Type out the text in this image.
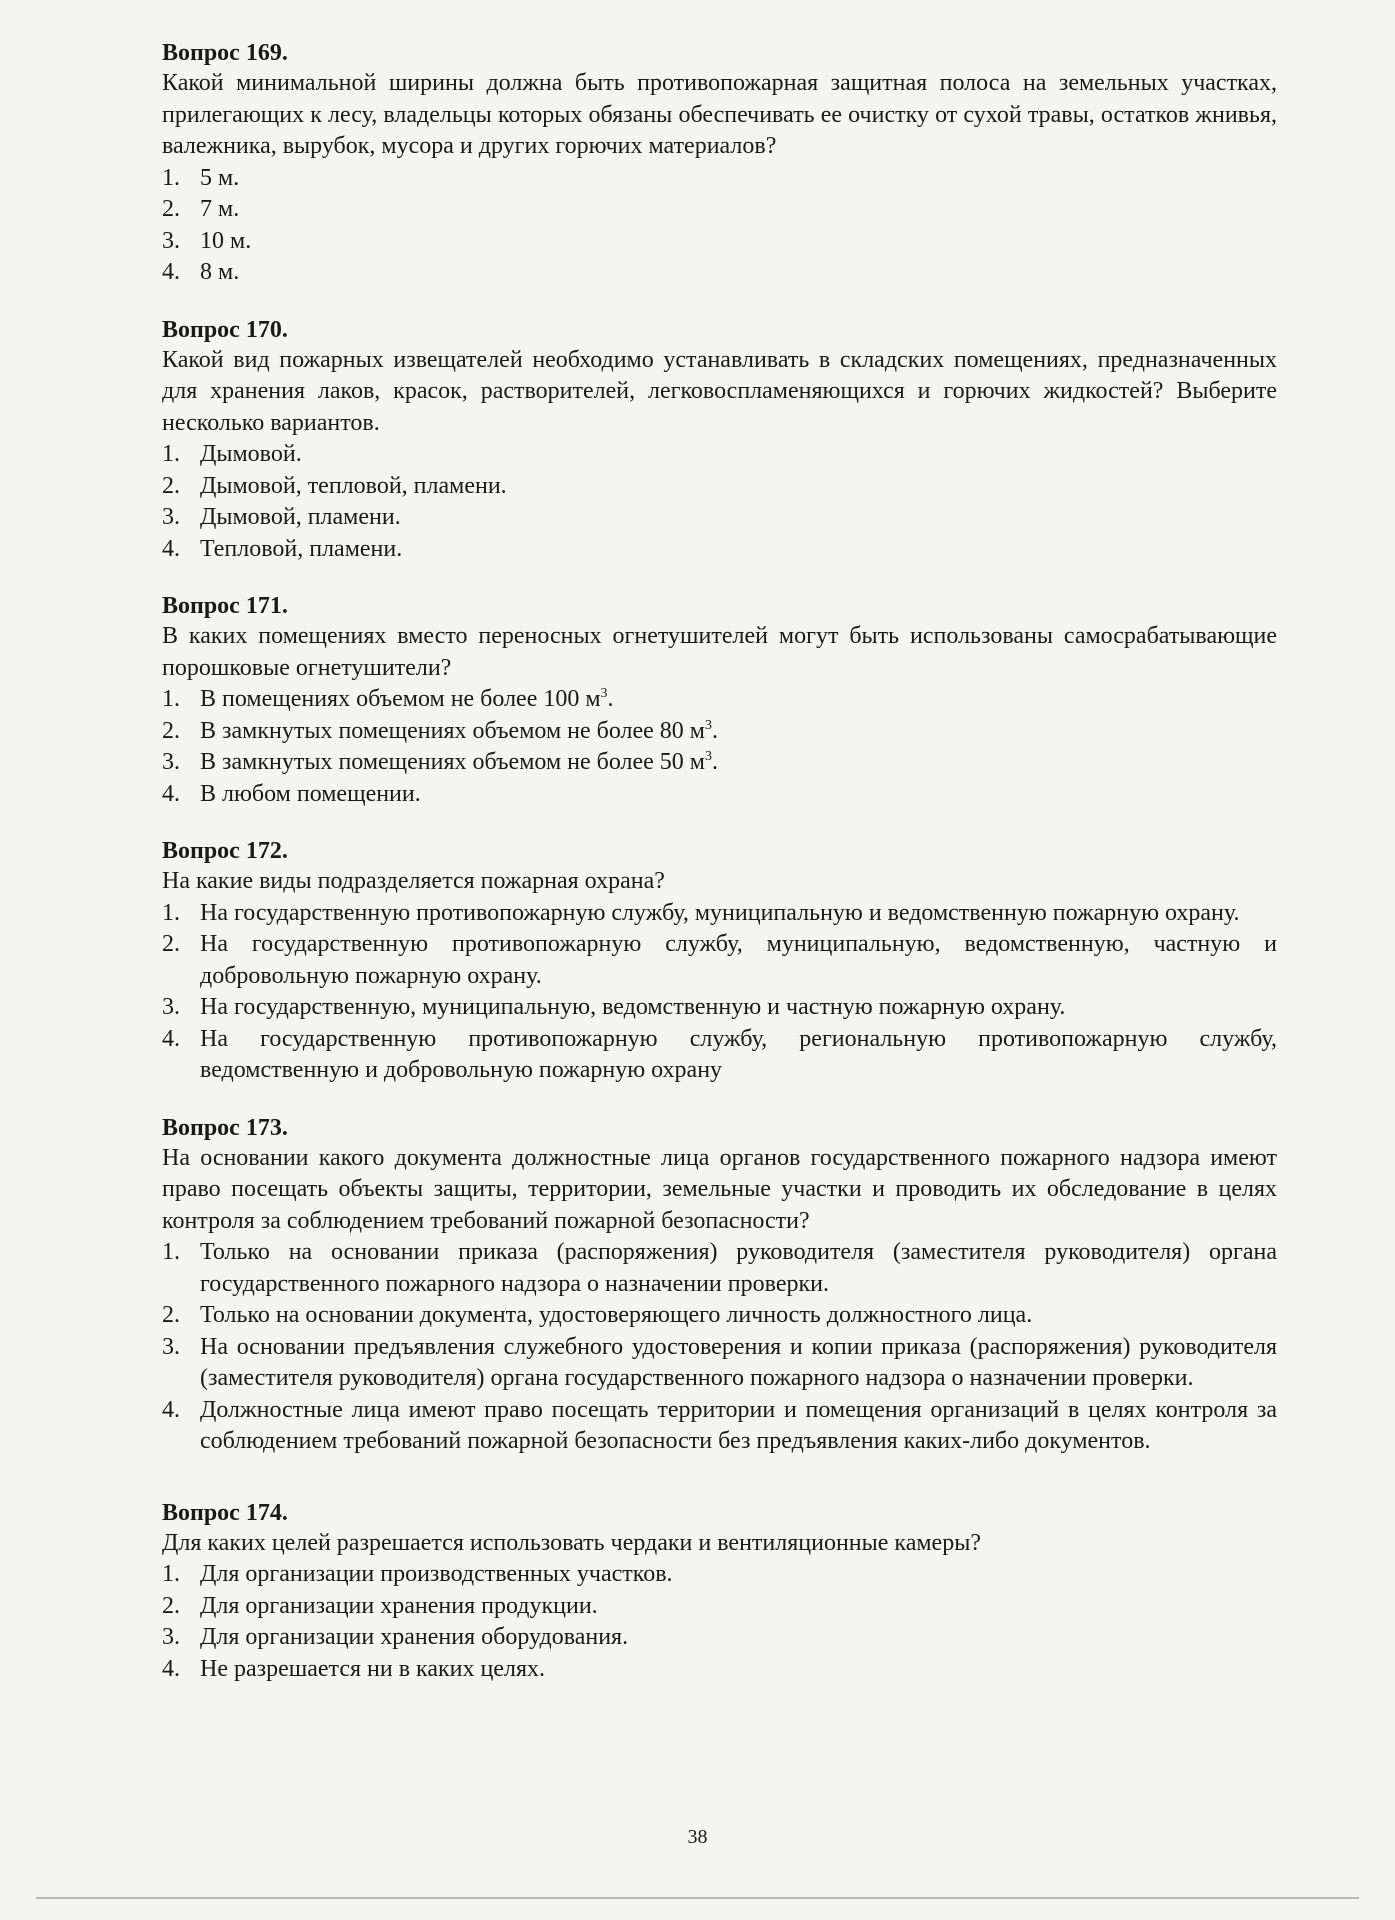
Вопрос 169.

Какой минимальной ширины должна быть противопожарная защитная полоса на земельных участках, прилегающих к лесу, владельцы которых обязаны обеспечивать ее очистку от сухой травы, остатков жнивья, валежника, вырубок, мусора и других горючих материалов?

1. 5 м.
2. 7 м.
3. 10 м.
4. 8 м.

Вопрос 170.

Какой вид пожарных извещателей необходимо устанавливать в складских помещениях, предназначенных для хранения лаков, красок, растворителей, легковоспламеняющихся и горючих жидкостей? Выберите несколько вариантов.

1. Дымовой.
2. Дымовой, тепловой, пламени.
3. Дымовой, пламени.
4. Тепловой, пламени.

Вопрос 171.

В каких помещениях вместо переносных огнетушителей могут быть использованы самосрабатывающие порошковые огнетушители?

1. В помещениях объемом не более 100 $м^3$.
2. В замкнутых помещениях объемом не более 80 $м^3$.
3. В замкнутых помещениях объемом не более 50 $м^3$.
4. В любом помещении.

Вопрос 172.

На какие виды подразделяется пожарная охрана?

1. На государственную противопожарную службу, муниципальную и ведомственную пожарную охрану.
2. На государственную противопожарную службу, муниципальную, ведомственную, частную и добровольную пожарную охрану.
3. На государственную, муниципальную, ведомственную и частную пожарную охрану.
4. На государственную противопожарную службу, региональную противопожарную службу, ведомственную и добровольную пожарную охрану

Вопрос 173.

На основании какого документа должностные лица органов государственного пожарного надзора имеют право посещать объекты защиты, территории, земельные участки и проводить их обследование в целях контроля за соблюдением требований пожарной безопасности?

1. Только на основании приказа (распоряжения) руководителя (заместителя руководителя) органа государственного пожарного надзора о назначении проверки.
2. Только на основании документа, удостоверяющего личность должностного лица.
3. На основании предъявления служебного удостоверения и копии приказа (распоряжения) руководителя (заместителя руководителя) органа государственного пожарного надзора о назначении проверки.
4. Должностные лица имеют право посещать территории и помещения организаций в целях контроля за соблюдением требований пожарной безопасности без предъявления каких-либо документов.

Вопрос 174.

Для каких целей разрешается использовать чердаки и вентиляционные камеры?

1. Для организации производственных участков.
2. Для организации хранения продукции.
3. Для организации хранения оборудования.
4. Не разрешается ни в каких целях.
38
